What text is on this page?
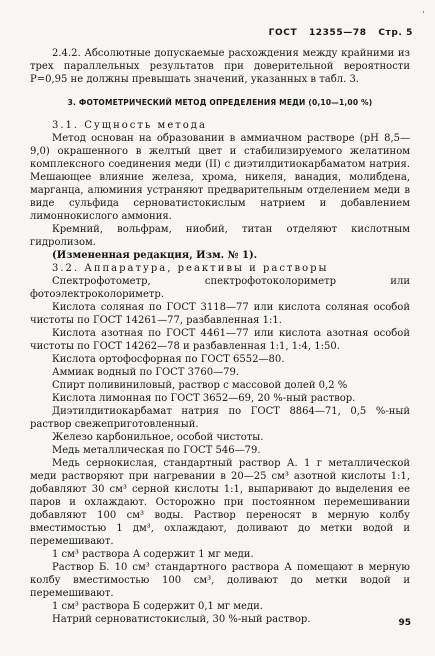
·
ГОСТ 12355—78 Стр. 5

2.4.2. Абсолютные допускаемые расхождения между крайними из трех параллельных результатов при доверительной вероятности P=0,95 не должны превышать значений, указанных в табл. 3.

3. ФОТОМЕТРИЧЕСКИЙ МЕТОД ОПРЕДЕЛЕНИЯ МЕДИ (0,10—1,00 %)

3.1. Сущность метода

Метод основан на образовании в аммиачном растворе (pH 8,5—9,0) окрашенного в желтый цвет и стабилизируемого желатином комплексного соединения меди (II) с диэтилдитиокарбаматом натрия. Мешающее влияние железа, хрома, никеля, ванадия, молибдена, марганца, алюминия устраняют предварительным отделением меди в виде сульфида серноватистокислым натрием и добавлением лимоннокислого аммония.

Кремний, вольфрам, ниобий, титан отделяют кислотным гидролизом.

(Измененная редакция, Изм. № 1).

3.2. Аппаратура, реактивы и растворы

Спектрофотометр, спектрофотоколориметр или фотоэлектроколориметр.

Кислота соляная по ГОСТ 3118—77 или кислота соляная особой чистоты по ГОСТ 14261—77, разбавленная 1:1.

Кислота азотная по ГОСТ 4461—77 или кислота азотная особой чистоты по ГОСТ 14262—78 и разбавленная 1:1, 1:4, 1:50.

Кислота ортофосфорная по ГОСТ 6552—80.

Аммиак водный по ГОСТ 3760—79.

Спирт поливиниловый, раствор с массовой долей 0,2 %

Кислота лимонная по ГОСТ 3652—69, 20 %-ный раствор.

Диэтилдитиокарбамат натрия по ГОСТ 8864—71, 0,5 %-ный раствор свежеприготовленный.

Железо карбонильное, особой чистоты.

Медь металлическая по ГОСТ 546—79.

Медь сернокислая, стандартный раствор А. 1 г металлической меди растворяют при нагревании в 20—25 см³ азотной кислоты 1:1, добавляют 30 см³ серной кислоты 1:1, выпаривают до выделения ее паров и охлаждают. Осторожно при постоянном перемешивании добавляют 100 см³ воды. Раствор переносят в мерную колбу вместимостью 1 дм³, охлаждают, доливают до метки водой и перемешивают.

1 см³ раствора А содержит 1 мг меди.

Раствор Б. 10 см³ стандартного раствора А помещают в мерную колбу вместимостью 100 см³, доливают до метки водой и перемешивают.

1 см³ раствора Б содержит 0,1 мг меди.

Натрий серноватистокислый, 30 %-ный раствор.	95
